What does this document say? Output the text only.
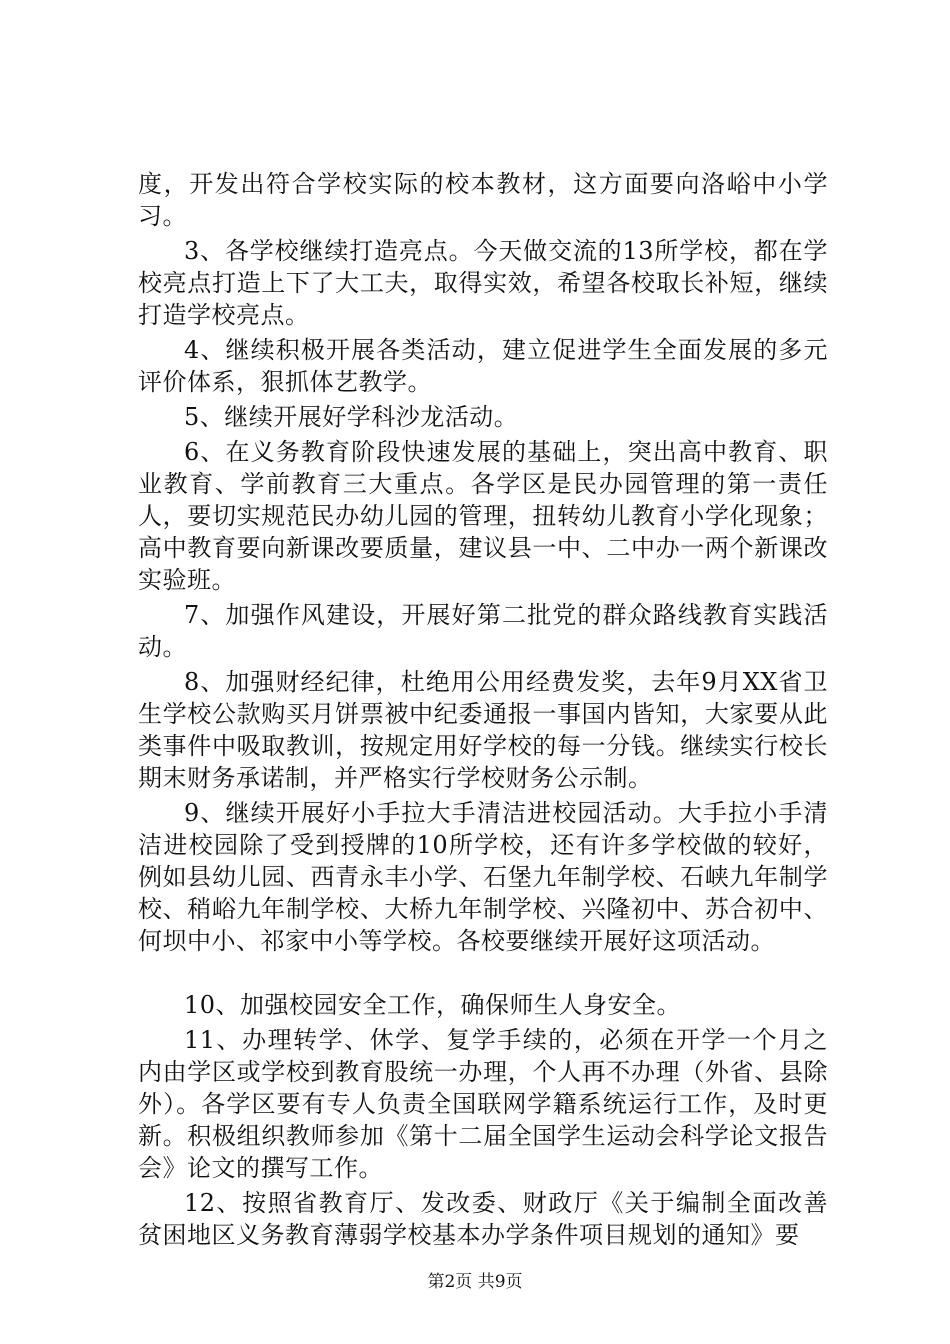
度，开发出符合学校实际的校本教材，这方面要向洛峪中小学习。

3、各学校继续打造亮点。今天做交流的13所学校，都在学校亮点打造上下了大工夫，取得实效，希望各校取长补短，继续打造学校亮点。

4、继续积极开展各类活动，建立促进学生全面发展的多元评价体系，狠抓体艺教学。

5、继续开展好学科沙龙活动。

6、在义务教育阶段快速发展的基础上，突出高中教育、职业教育、学前教育三大重点。各学区是民办园管理的第一责任人，要切实规范民办幼儿园的管理，扭转幼儿教育小学化现象；高中教育要向新课改要质量，建议县一中、二中办一两个新课改实验班。

7、加强作风建设，开展好第二批党的群众路线教育实践活动。

8、加强财经纪律，杜绝用公用经费发奖，去年9月XX省卫生学校公款购买月饼票被中纪委通报一事国内皆知，大家要从此类事件中吸取教训，按规定用好学校的每一分钱。继续实行校长期末财务承诺制，并严格实行学校财务公示制。

9、继续开展好小手拉大手清洁进校园活动。大手拉小手清洁进校园除了受到授牌的10所学校，还有许多学校做的较好，例如县幼儿园、西青永丰小学、石堡九年制学校、石峡九年制学校、稍峪九年制学校、大桥九年制学校、兴隆初中、苏合初中、何坝中小、祁家中小等学校。各校要继续开展好这项活动。

10、加强校园安全工作，确保师生人身安全。

11、办理转学、休学、复学手续的，必须在开学一个月之内由学区或学校到教育股统一办理，个人再不办理（外省、县除外）。各学区要有专人负责全国联网学籍系统运行工作，及时更新。积极组织教师参加《第十二届全国学生运动会科学论文报告会》论文的撰写工作。

12、按照省教育厅、发改委、财政厅《关于编制全面改善贫困地区义务教育薄弱学校基本办学条件项目规划的通知》要

第2页 共9页
